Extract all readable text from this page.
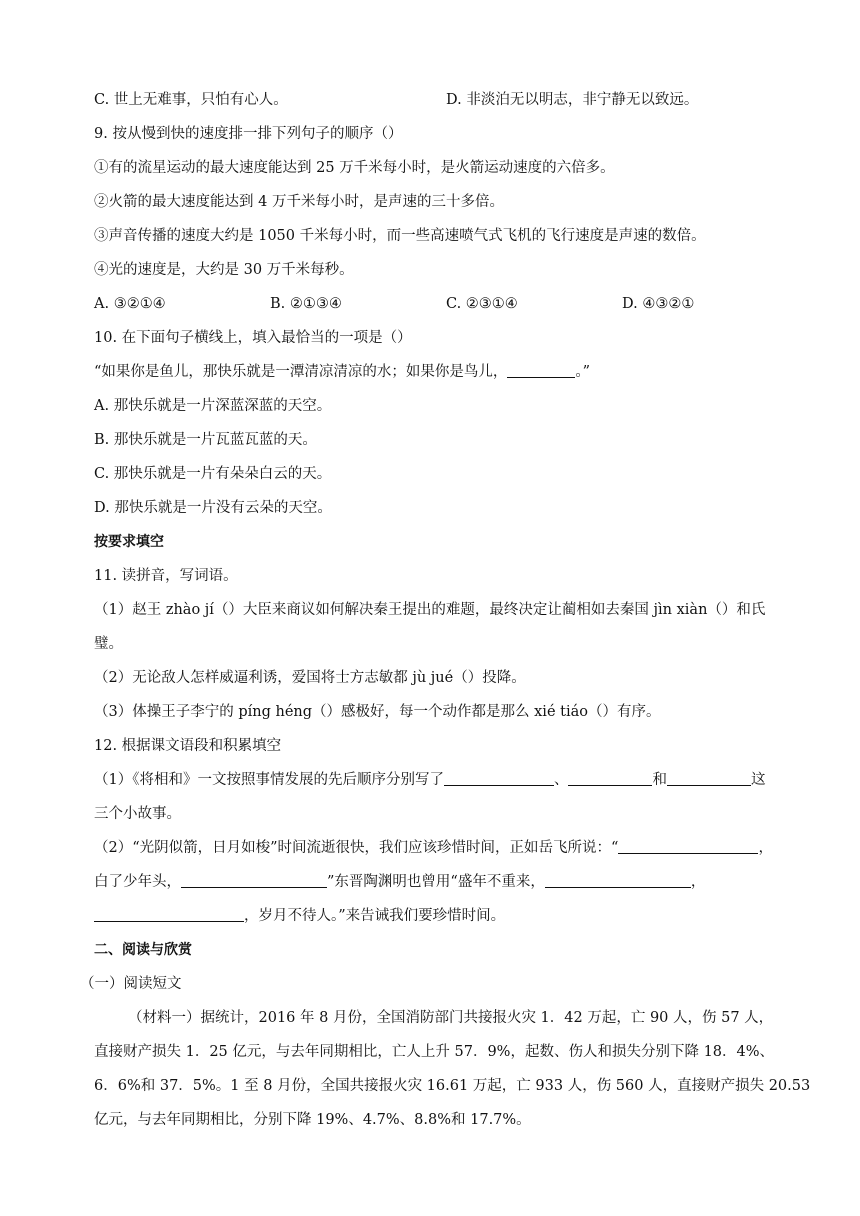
C. 世上无难事，只怕有心人。	D. 非淡泊无以明志，非宁静无以致远。
9. 按从慢到快的速度排一排下列句子的顺序（）
①有的流星运动的最大速度能达到 25 万千米每小时，是火箭运动速度的六倍多。
②火箭的最大速度能达到 4 万千米每小时，是声速的三十多倍。
③声音传播的速度大约是 1050 千米每小时，而一些高速喷气式飞机的飞行速度是声速的数倍。
④光的速度是，大约是 30 万千米每秒。
A. ③②①④	B. ②①③④	C. ②③①④	D. ④③②①
10. 在下面句子横线上，填入最恰当的一项是（）
“如果你是鱼儿，那快乐就是一潭清凉清凉的水；如果你是鸟儿，	。”
A. 那快乐就是一片深蓝深蓝的天空。
B. 那快乐就是一片瓦蓝瓦蓝的天。
C. 那快乐就是一片有朵朵白云的天。
D. 那快乐就是一片没有云朵的天空。
按要求填空
11. 读拼音，写词语。
（1）赵王 zhào jí（）大臣来商议如何解决秦王提出的难题，最终决定让蔺相如去秦国 jìn xiàn（）和氏
璧。
（2）无论敌人怎样威逼利诱，爱国将士方志敏都 jù jué（）投降。
（3）体操王子李宁的 píng héng（）感极好，每一个动作都是那么 xié tiáo（）有序。
12. 根据课文语段和积累填空
（1）《将相和》一文按照事情发展的先后顺序分别写了	、	和	这
三个小故事。
（2）“光阴似箭，日月如梭”时间流逝很快，我们应该珍惜时间，正如岳飞所说：“	，
白了少年头，	”东晋陶渊明也曾用“盛年不重来，	，
，岁月不待人。”来告诫我们要珍惜时间。
二、阅读与欣赏
（一）阅读短文
（材料一）据统计，2016 年 8 月份，全国消防部门共接报火灾 1．42 万起，亡 90 人，伤 57 人，
直接财产损失 1．25 亿元，与去年同期相比，亡人上升 57．9%，起数、伤人和损失分别下降 18．4%、
6．6%和 37．5%。1 至 8 月份，全国共接报火灾 16.61 万起，亡 933 人，伤 560 人，直接财产损失 20.53
亿元，与去年同期相比，分别下降 19%、4.7%、8.8%和 17.7%。
